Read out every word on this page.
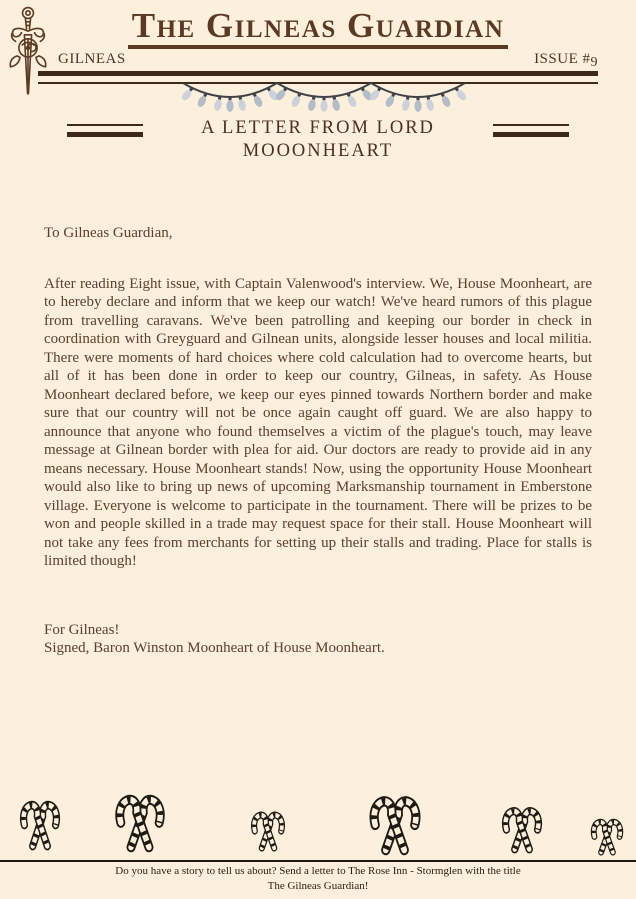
The Gilneas Guardian
GILNEAS	ISSUE #9
A LETTER FROM LORD
MOOONHEART
To Gilneas Guardian,
After reading Eight issue, with Captain Valenwood's interview. We, House Moonheart, are to hereby declare and inform that we keep our watch! We've heard rumors of this plague from travelling caravans. We've been patrolling and keeping our border in check in coordination with Greyguard and Gilnean units, alongside lesser houses and local militia. There were moments of hard choices where cold calculation had to overcome hearts, but all of it has been done in order to keep our country, Gilneas, in safety. As House Moonheart declared before, we keep our eyes pinned towards Northern border and make sure that our country will not be once again caught off guard. We are also happy to announce that anyone who found themselves a victim of the plague's touch, may leave message at Gilnean border with plea for aid. Our doctors are ready to provide aid in any means necessary. House Moonheart stands! Now, using the opportunity House Moonheart would also like to bring up news of upcoming Marksmanship tournament in Emberstone village. Everyone is welcome to participate in the tournament. There will be prizes to be won and people skilled in a trade may request space for their stall. House Moonheart will not take any fees from merchants for setting up their stalls and trading. Place for stalls is limited though!
For Gilneas!
Signed, Baron Winston Moonheart of House Moonheart.
Do you have a story to tell us about? Send a letter to The Rose Inn - Stormglen with the title The Gilneas Guardian!
